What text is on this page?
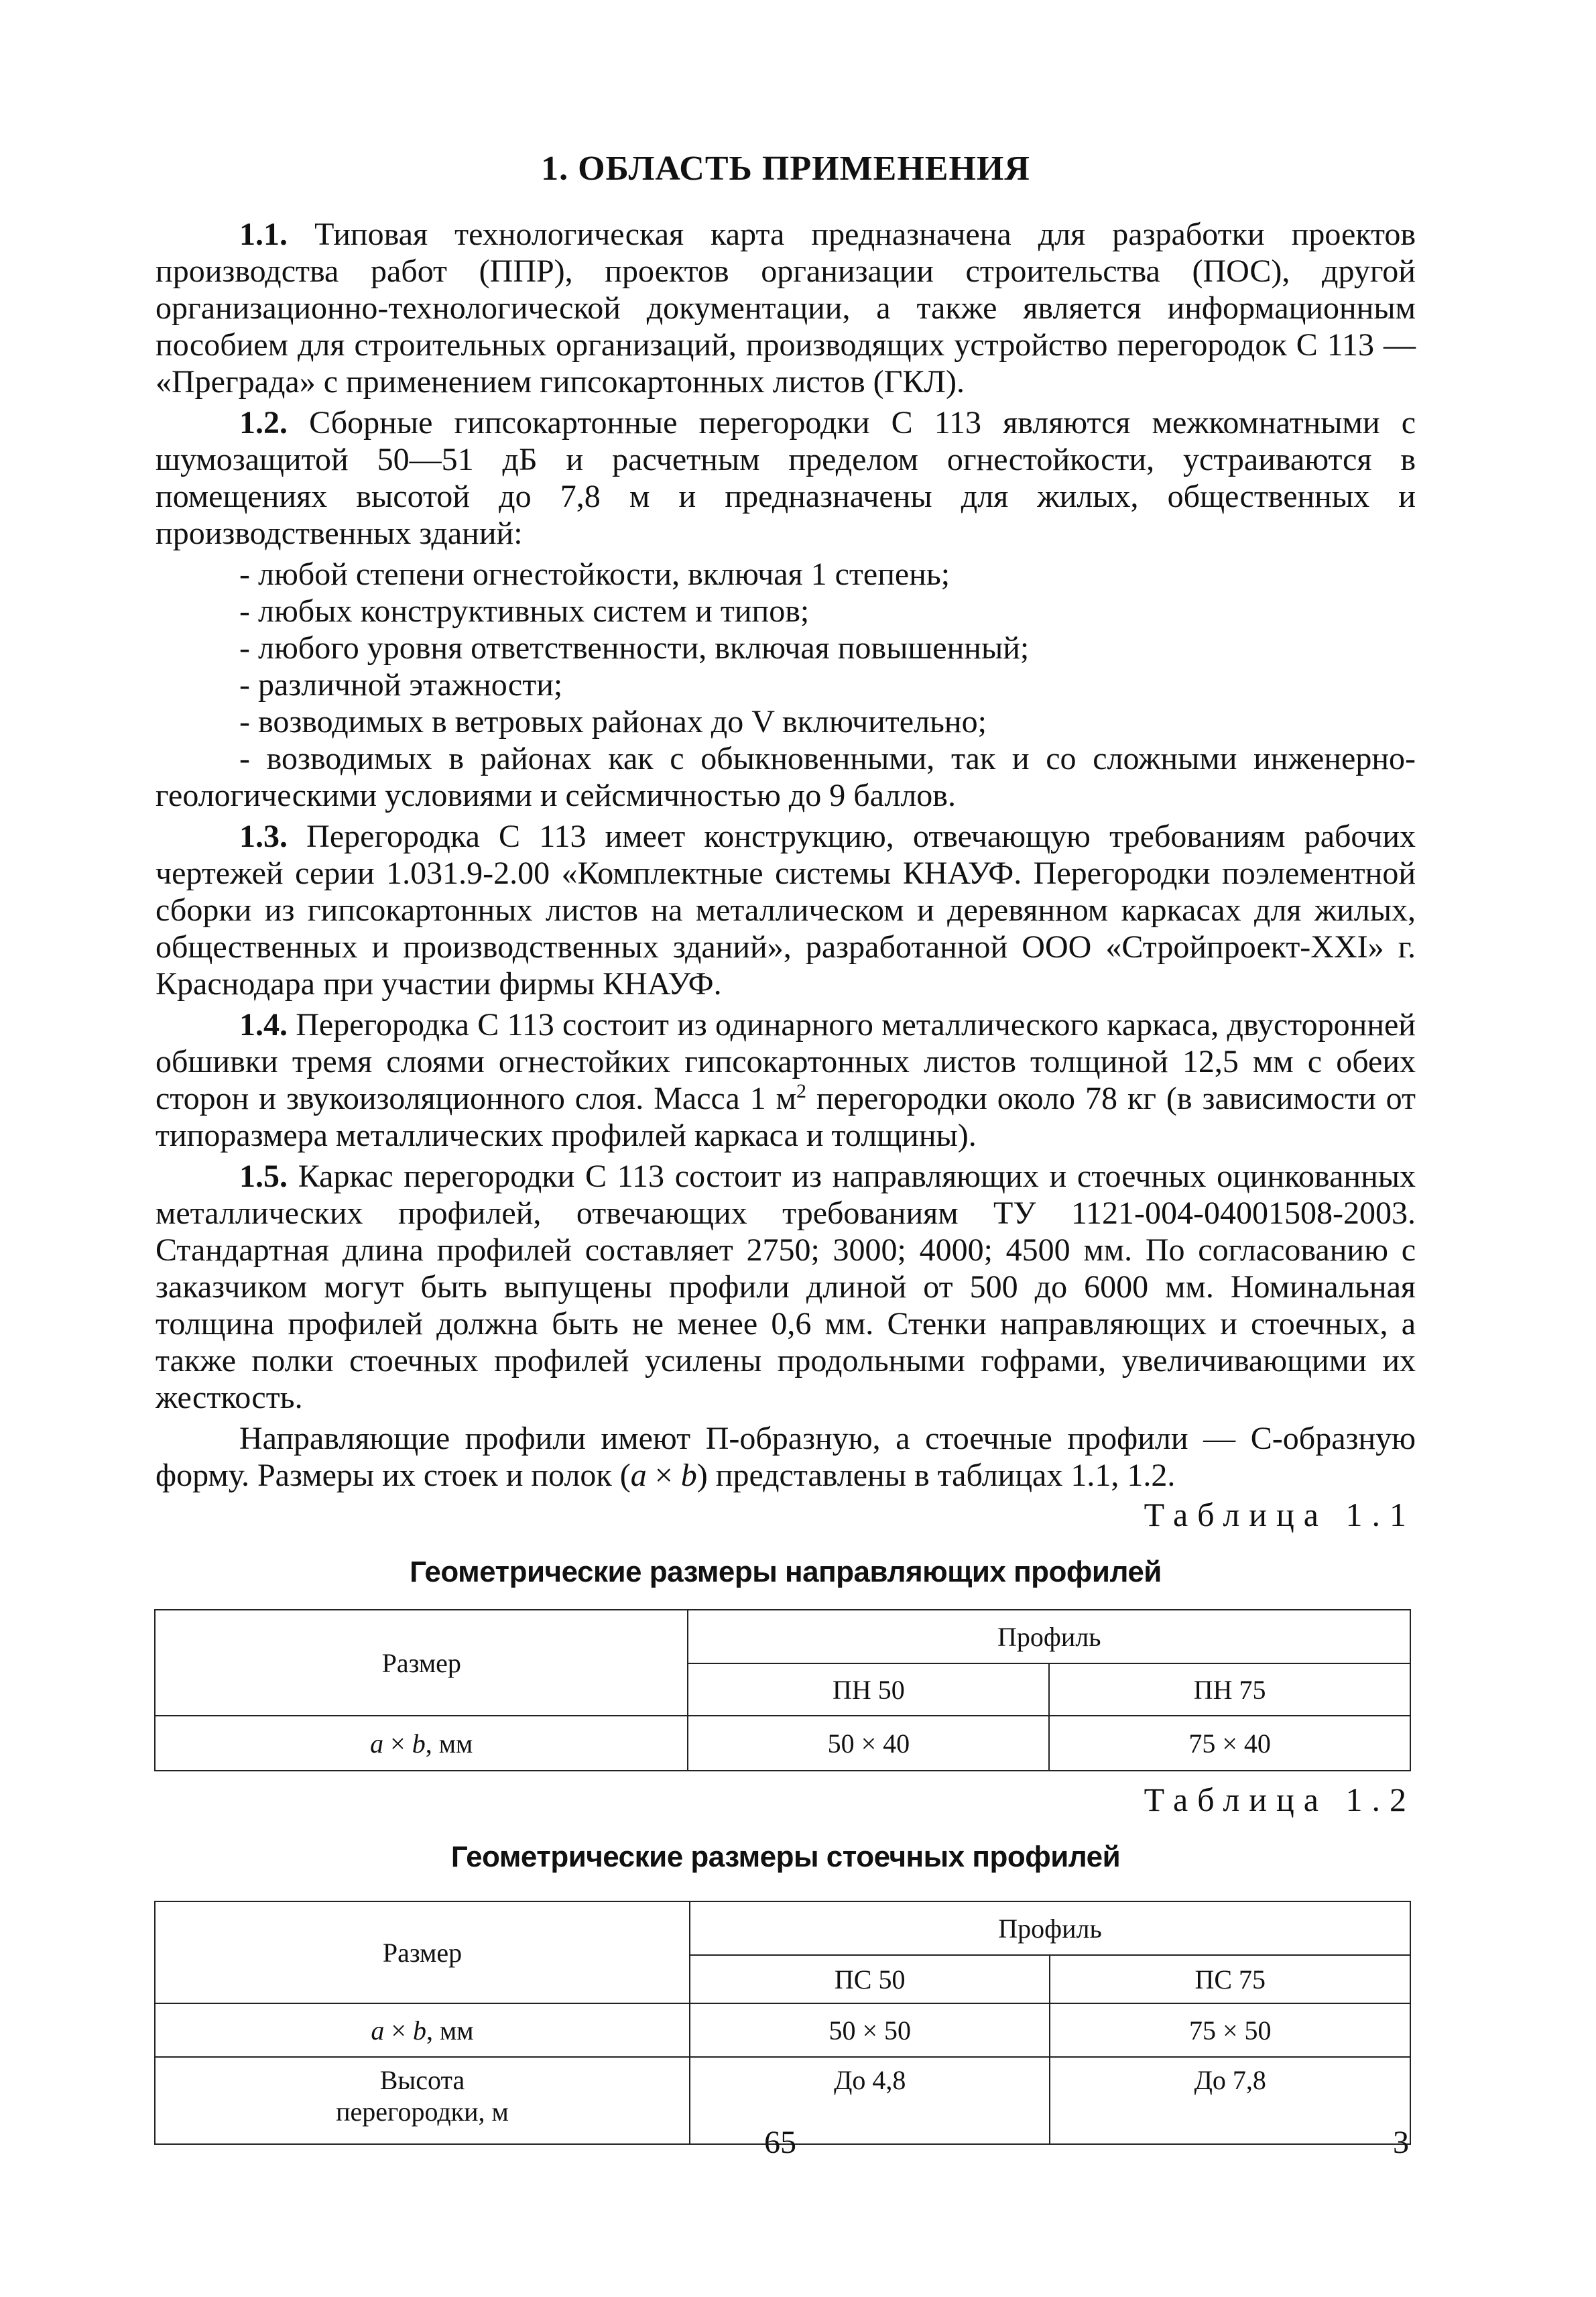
1. ОБЛАСТЬ ПРИМЕНЕНИЯ

1.1. Типовая технологическая карта предназначена для разработки проектов производства работ (ППР), проектов организации строительства (ПОС), другой организационно-технологической документации, а также является информационным пособием для строительных организаций, производящих устройство перегородок С 113 — «Преграда» с применением гипсокартонных листов (ГКЛ).

1.2. Сборные гипсокартонные перегородки С 113 являются межкомнатными с шумозащитой 50—51 дБ и расчетным пределом огнестойкости, устраиваются в помещениях высотой до 7,8 м и предназначены для жилых, общественных и производственных зданий:

- любой степени огнестойкости, включая 1 степень;
- любых конструктивных систем и типов;
- любого уровня ответственности, включая повышенный;
- различной этажности;
- возводимых в ветровых районах до V включительно;
- возводимых в районах как с обыкновенными, так и со сложными инженерно-геологическими условиями и сейсмичностью до 9 баллов.

1.3. Перегородка С 113 имеет конструкцию, отвечающую требованиям рабочих чертежей серии 1.031.9-2.00 «Комплектные системы КНАУФ. Перегородки поэлементной сборки из гипсокартонных листов на металлическом и деревянном каркасах для жилых, общественных и производственных зданий», разработанной ООО «Стройпроект-XXI» г. Краснодара при участии фирмы КНАУФ.

1.4. Перегородка С 113 состоит из одинарного металлического каркаса, двусторонней обшивки тремя слоями огнестойких гипсокартонных листов толщиной 12,5 мм с обеих сторон и звукоизоляционного слоя. Масса 1 $м^2$ перегородки около 78 кг (в зависимости от типоразмера металлических профилей каркаса и толщины).

1.5. Каркас перегородки С 113 состоит из направляющих и стоечных оцинкованных металлических профилей, отвечающих требованиям ТУ 1121-004-04001508-2003. Стандартная длина профилей составляет 2750; 3000; 4000; 4500 мм. По согласованию с заказчиком могут быть выпущены профили длиной от 500 до 6000 мм. Номинальная толщина профилей должна быть не менее 0,6 мм. Стенки направляющих и стоечных, а также полки стоечных профилей усилены продольными гофрами, увеличивающими их жесткость.

Направляющие профили имеют П-образную, а стоечные профили — С-образную форму. Размеры их стоек и полок (a × b) представлены в таблицах 1.1, 1.2.

Таблица 1.1
Геометрические размеры направляющих профилей
Размер	Профиль	
	ПН 50	ПН 75
a × b, мм	50 × 40	75 × 40
Таблица 1.2
Геометрические размеры стоечных профилей
Размер	Профиль	
	ПС 50	ПС 75
a × b, мм	50 × 50	75 × 50
Высота
перегородки, м	До 4,8	До 7,8
65	3
